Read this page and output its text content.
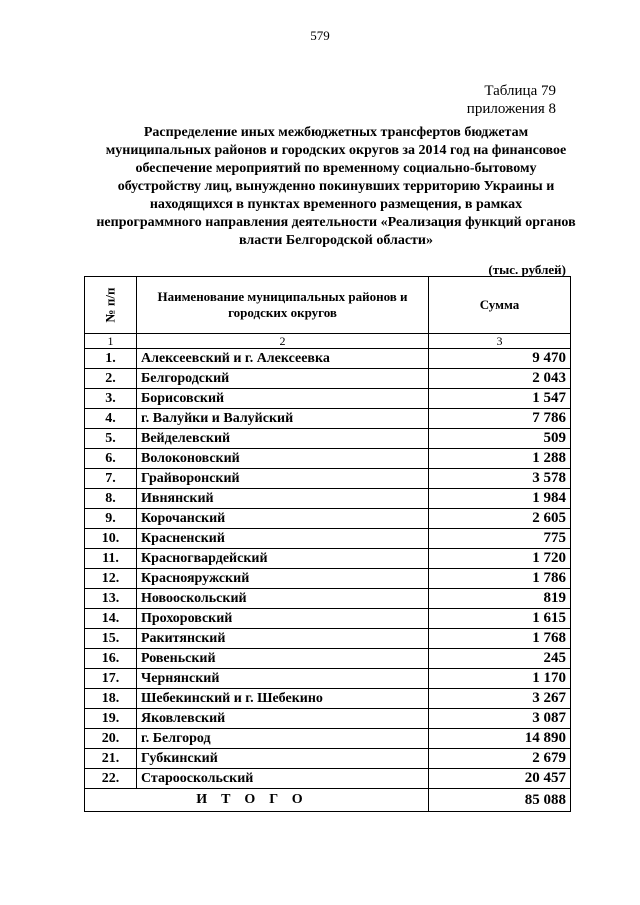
579
Таблица 79
приложения 8
Распределение иных межбюджетных трансфертов бюджетам муниципальных районов и городских округов за 2014 год на финансовое обеспечение мероприятий по временному социально-бытовому обустройству лиц, вынужденно покинувших территорию Украины и находящихся в пунктах временного размещения, в рамках непрограммного направления деятельности «Реализация функций органов власти Белгородской области»
(тыс. рублей)
№ п/п	Наименование муниципальных районов и городских округов	Сумма
1	2	3
1.	Алексеевский и г. Алексеевка	9 470
2.	Белгородский	2 043
3.	Борисовский	1 547
4.	г. Валуйки и Валуйский	7 786
5.	Вейделевский	509
6.	Волоконовский	1 288
7.	Грайворонский	3 578
8.	Ивнянский	1 984
9.	Корочанский	2 605
10.	Красненский	775
11.	Красногвардейский	1 720
12.	Краснояружский	1 786
13.	Новооскольский	819
14.	Прохоровский	1 615
15.	Ракитянский	1 768
16.	Ровеньский	245
17.	Чернянский	1 170
18.	Шебекинский и г. Шебекино	3 267
19.	Яковлевский	3 087
20.	г. Белгород	14 890
21.	Губкинский	2 679
22.	Старооскольский	20 457
ИТОГО		85 088
